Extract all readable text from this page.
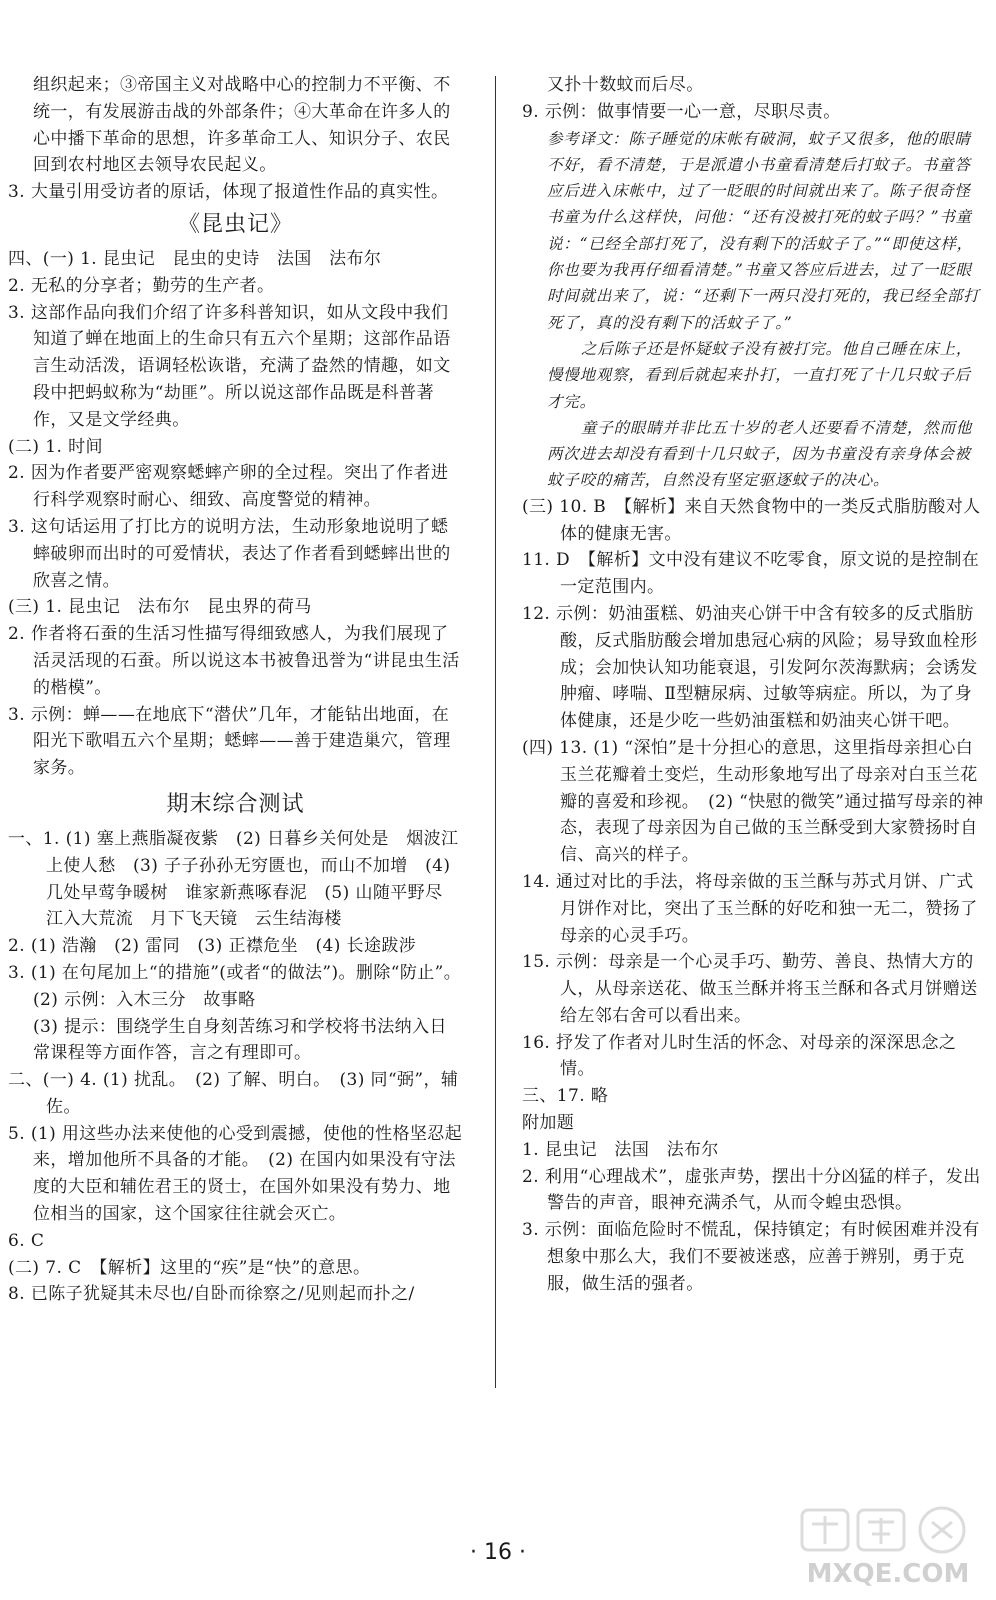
组织起来；③帝国主义对战略中心的控制力不平衡、不统一，有发展游击战的外部条件；④大革命在许多人的心中播下革命的思想，许多革命工人、知识分子、农民回到农村地区去领导农民起义。

3. 大量引用受访者的原话，体现了报道性作品的真实性。

《昆虫记》

四、(一) 1. 昆虫记　昆虫的史诗　法国　法布尔

2. 无私的分享者；勤劳的生产者。

3. 这部作品向我们介绍了许多科普知识，如从文段中我们知道了蝉在地面上的生命只有五六个星期；这部作品语言生动活泼，语调轻松诙谐，充满了盎然的情趣，如文段中把蚂蚁称为“劫匪”。所以说这部作品既是科普著作，又是文学经典。

(二) 1. 时间

2. 因为作者要严密观察蟋蟀产卵的全过程。突出了作者进行科学观察时耐心、细致、高度警觉的精神。

3. 这句话运用了打比方的说明方法，生动形象地说明了蟋蟀破卵而出时的可爱情状，表达了作者看到蟋蟀出世的欣喜之情。

(三) 1. 昆虫记　法布尔　昆虫界的荷马

2. 作者将石蚕的生活习性描写得细致感人，为我们展现了活灵活现的石蚕。所以说这本书被鲁迅誉为“讲昆虫生活的楷模”。

3. 示例：蝉——在地底下“潜伏”几年，才能钻出地面，在阳光下歌唱五六个星期；蟋蟀——善于建造巢穴，管理家务。

期末综合测试

一、1. (1) 塞上燕脂凝夜紫　(2) 日暮乡关何处是　烟波江上使人愁　(3) 子子孙孙无穷匮也，而山不加增　(4) 几处早莺争暖树　谁家新燕啄春泥　(5) 山随平野尽　江入大荒流　月下飞天镜　云生结海楼

2. (1) 浩瀚　(2) 雷同　(3) 正襟危坐　(4) 长途跋涉

3. (1) 在句尾加上“的措施”(或者“的做法”)。删除“防止”。　(2) 示例：入木三分　故事略

(3) 提示：围绕学生自身刻苦练习和学校将书法纳入日常课程等方面作答，言之有理即可。

二、(一) 4. (1) 扰乱。　(2) 了解、明白。　(3) 同“弼”，辅佐。

5. (1) 用这些办法来使他的心受到震撼，使他的性格坚忍起来，增加他所不具备的才能。　(2) 在国内如果没有守法度的大臣和辅佐君王的贤士，在国外如果没有势力、地位相当的国家，这个国家往往就会灭亡。

6. C

(二) 7. C　【解析】这里的“疾”是“快”的意思。

8. 已陈子犹疑其未尽也/自卧而徐察之/见则起而扑之/

又扑十数蚊而后尽。

9. 示例：做事情要一心一意，尽职尽责。

参考译文：陈子睡觉的床帐有破洞，蚊子又很多，他的眼睛不好，看不清楚，于是派遣小书童看清楚后打蚊子。书童答应后进入床帐中，过了一眨眼的时间就出来了。陈子很奇怪书童为什么这样快，问他：“还有没被打死的蚊子吗？”书童说：“已经全部打死了，没有剩下的活蚊子了。”“即使这样，你也要为我再仔细看清楚。”书童又答应后进去，过了一眨眼时间就出来了，说：“还剩下一两只没打死的，我已经全部打死了，真的没有剩下的活蚊子了。”

之后陈子还是怀疑蚊子没有被打完。他自己睡在床上，慢慢地观察，看到后就起来扑打，一直打死了十几只蚊子后才完。

童子的眼睛并非比五十岁的老人还要看不清楚，然而他两次进去却没有看到十几只蚊子，因为书童没有亲身体会被蚊子咬的痛苦，自然没有坚定驱逐蚊子的决心。

(三) 10. B　【解析】来自天然食物中的一类反式脂肪酸对人体的健康无害。

11. D　【解析】文中没有建议不吃零食，原文说的是控制在一定范围内。

12. 示例：奶油蛋糕、奶油夹心饼干中含有较多的反式脂肪酸，反式脂肪酸会增加患冠心病的风险；易导致血栓形成；会加快认知功能衰退，引发阿尔茨海默病；会诱发肿瘤、哮喘、Ⅱ型糖尿病、过敏等病症。所以，为了身体健康，还是少吃一些奶油蛋糕和奶油夹心饼干吧。

(四) 13. (1) “深怕”是十分担心的意思，这里指母亲担心白玉兰花瓣着土变烂，生动形象地写出了母亲对白玉兰花瓣的喜爱和珍视。　(2) “快慰的微笑”通过描写母亲的神态，表现了母亲因为自己做的玉兰酥受到大家赞扬时自信、高兴的样子。

14. 通过对比的手法，将母亲做的玉兰酥与苏式月饼、广式月饼作对比，突出了玉兰酥的好吃和独一无二，赞扬了母亲的心灵手巧。

15. 示例：母亲是一个心灵手巧、勤劳、善良、热情大方的人，从母亲送花、做玉兰酥并将玉兰酥和各式月饼赠送给左邻右舍可以看出来。

16. 抒发了作者对儿时生活的怀念、对母亲的深深思念之情。

三、17. 略

附加题

1. 昆虫记　法国　法布尔

2. 利用“心理战术”，虚张声势，摆出十分凶猛的样子，发出警告的声音，眼神充满杀气，从而令蝗虫恐惧。

3. 示例：面临危险时不慌乱，保持镇定；有时候困难并没有想象中那么大，我们不要被迷惑，应善于辨别，勇于克服，做生活的强者。

· 16 ·
MXQE.COM
